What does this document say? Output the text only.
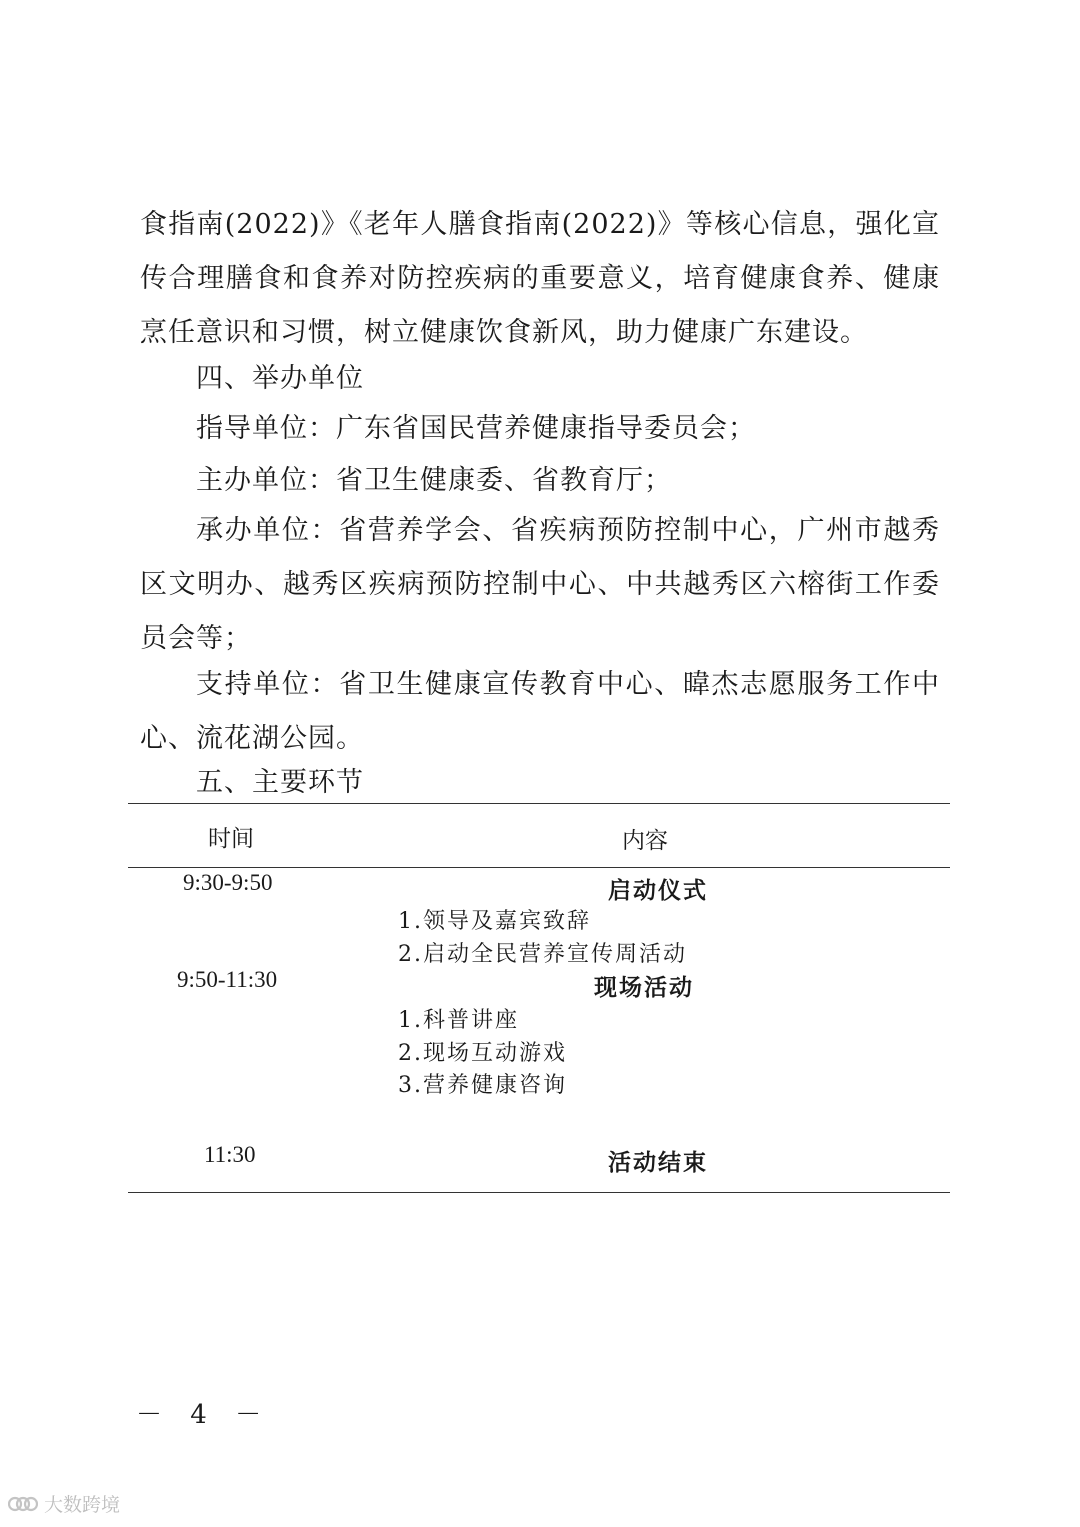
食指南(2022)》《老年人膳食指南(2022)》等核心信息，强化宣传合理膳食和食养对防控疾病的重要意义，培育健康食养、健康烹任意识和习惯，树立健康饮食新风，助力健康广东建设。
四、举办单位
指导单位：广东省国民营养健康指导委员会；
主办单位：省卫生健康委、省教育厅；
承办单位：省营养学会、省疾病预防控制中心，广州市越秀区文明办、越秀区疾病预防控制中心、中共越秀区六榕街工作委员会等；
支持单位：省卫生健康宣传教育中心、暐杰志愿服务工作中心、流花湖公园。
五、主要环节
时间	内容
9:30-9:50	启动仪式
1.领导及嘉宾致辞
2.启动全民营养宣传周活动
9:50-11:30	现场活动
1.科普讲座
2.现场互动游戏
3.营养健康咨询
11:30	活动结束
－ 4 －
大数跨境
